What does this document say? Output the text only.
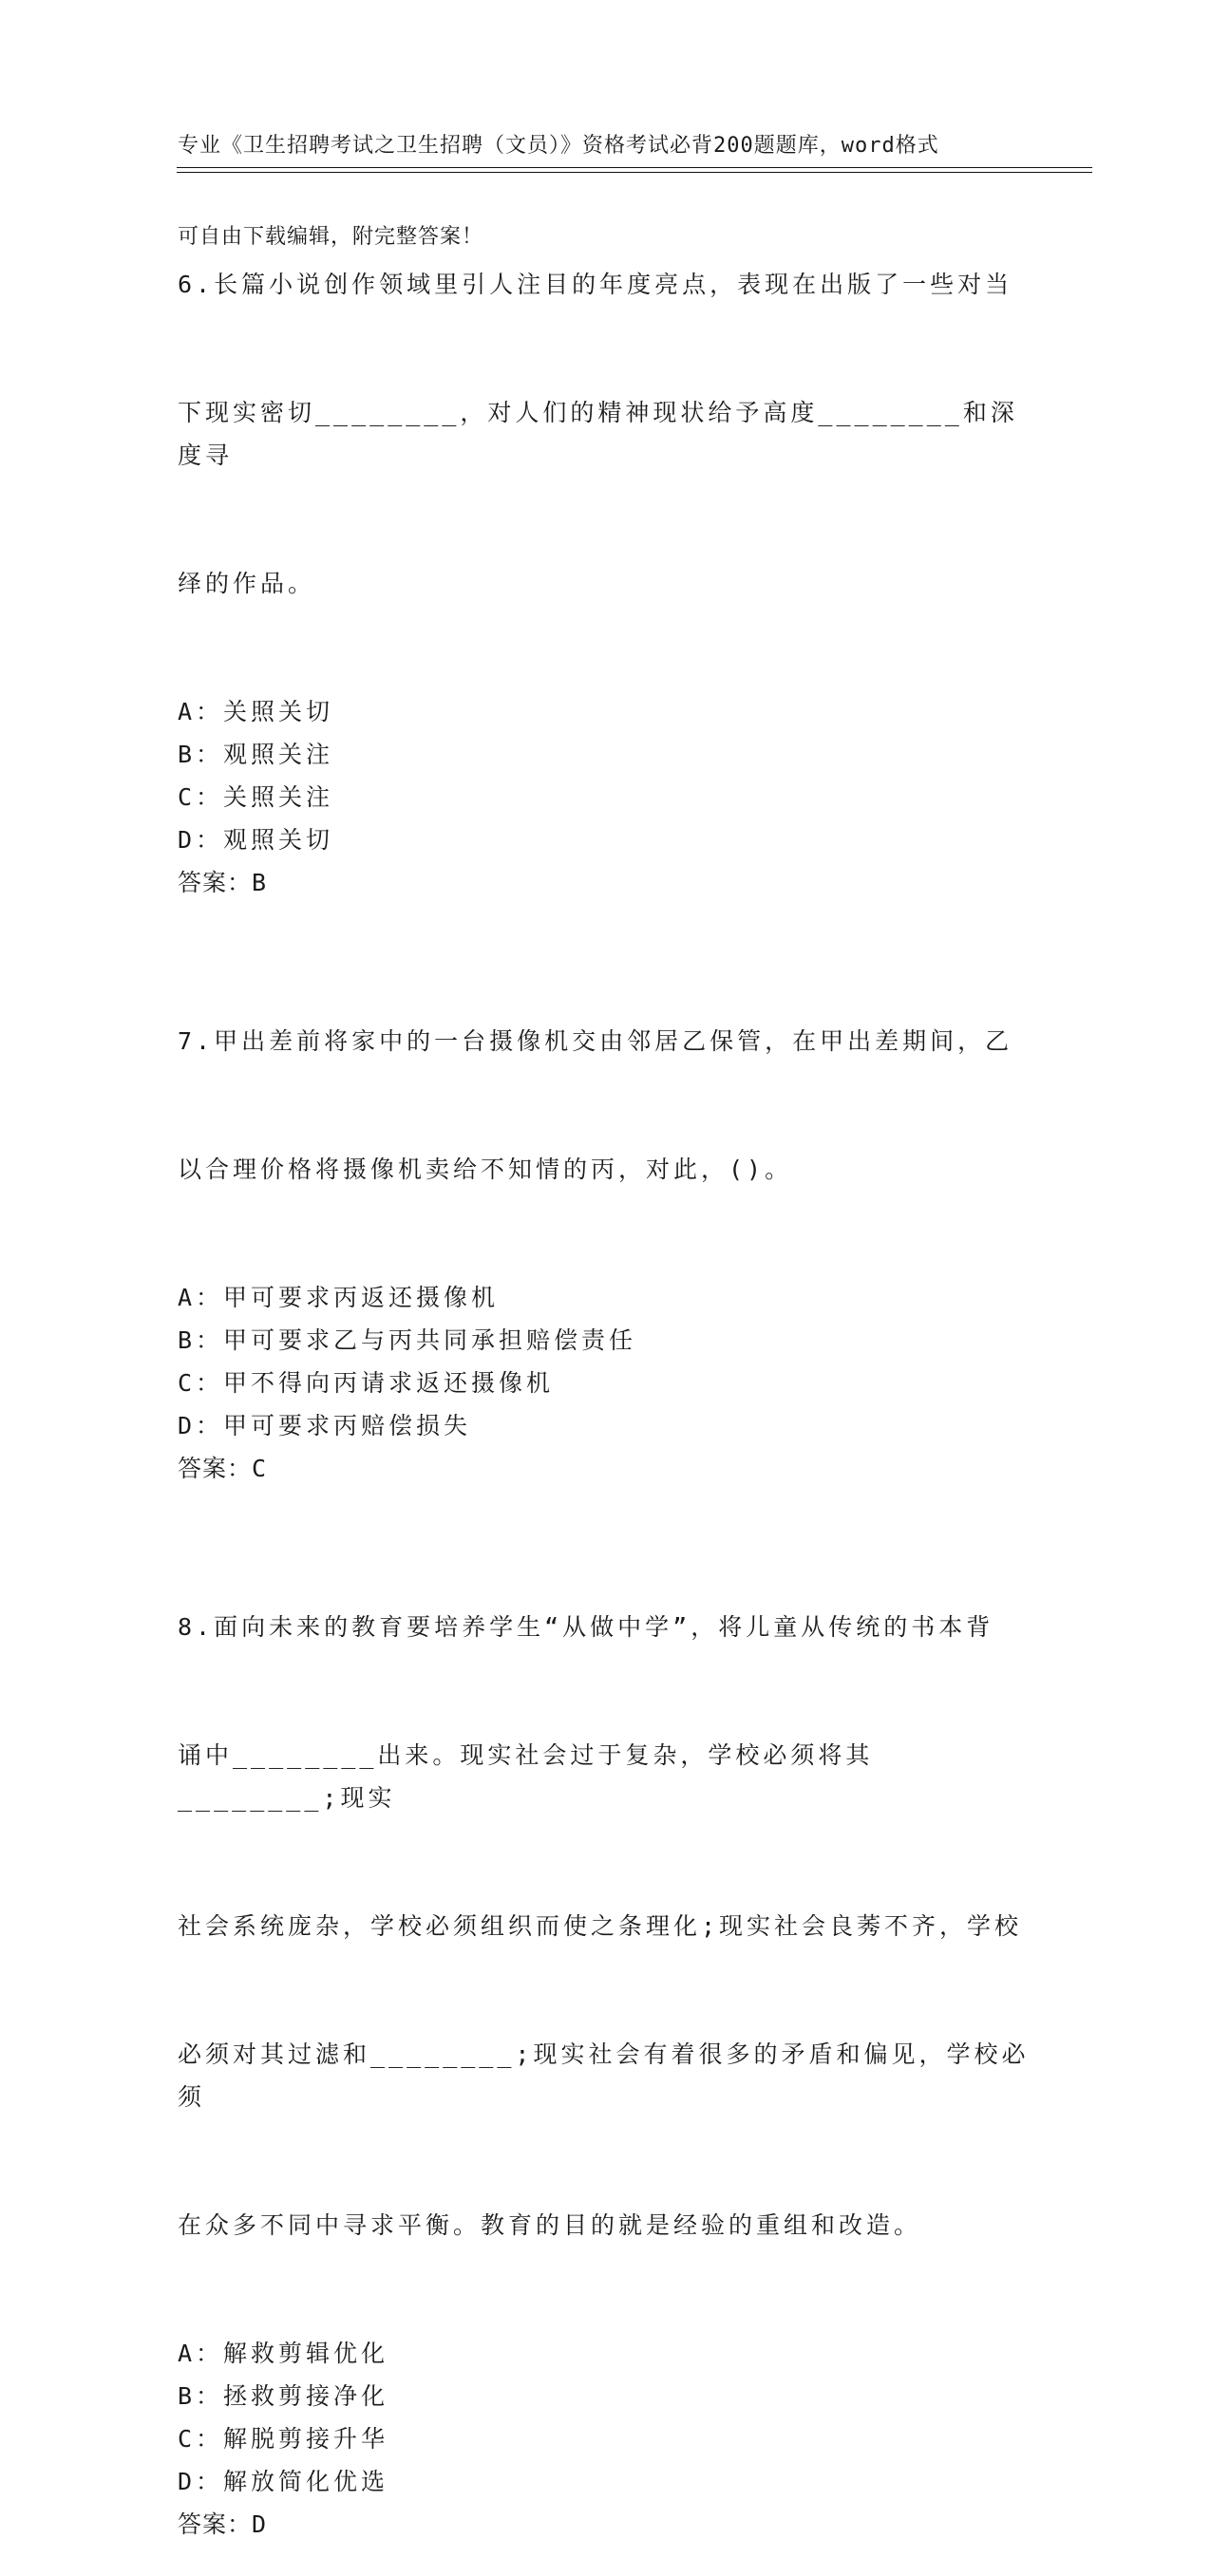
专业《卫生招聘考试之卫生招聘（文员）》资格考试必背200题题库，word格式

可自由下载编辑，附完整答案！

6.长篇小说创作领域里引人注目的年度亮点，表现在出版了一些对当

下现实密切________，对人们的精神现状给予高度________和深度寻

绎的作品。

A：关照关切
B：观照关注
C：关照关注
D：观照关切
答案：B

7.甲出差前将家中的一台摄像机交由邻居乙保管，在甲出差期间，乙

以合理价格将摄像机卖给不知情的丙，对此，()。

A：甲可要求丙返还摄像机
B：甲可要求乙与丙共同承担赔偿责任
C：甲不得向丙请求返还摄像机
D：甲可要求丙赔偿损失
答案：C

8.面向未来的教育要培养学生“从做中学”，将儿童从传统的书本背

诵中________出来。现实社会过于复杂，学校必须将其________;现实

社会系统庞杂，学校必须组织而使之条理化;现实社会良莠不齐，学校

必须对其过滤和________;现实社会有着很多的矛盾和偏见，学校必须

在众多不同中寻求平衡。教育的目的就是经验的重组和改造。

A：解救剪辑优化
B：拯救剪接净化
C：解脱剪接升华
D：解放简化优选
答案：D
